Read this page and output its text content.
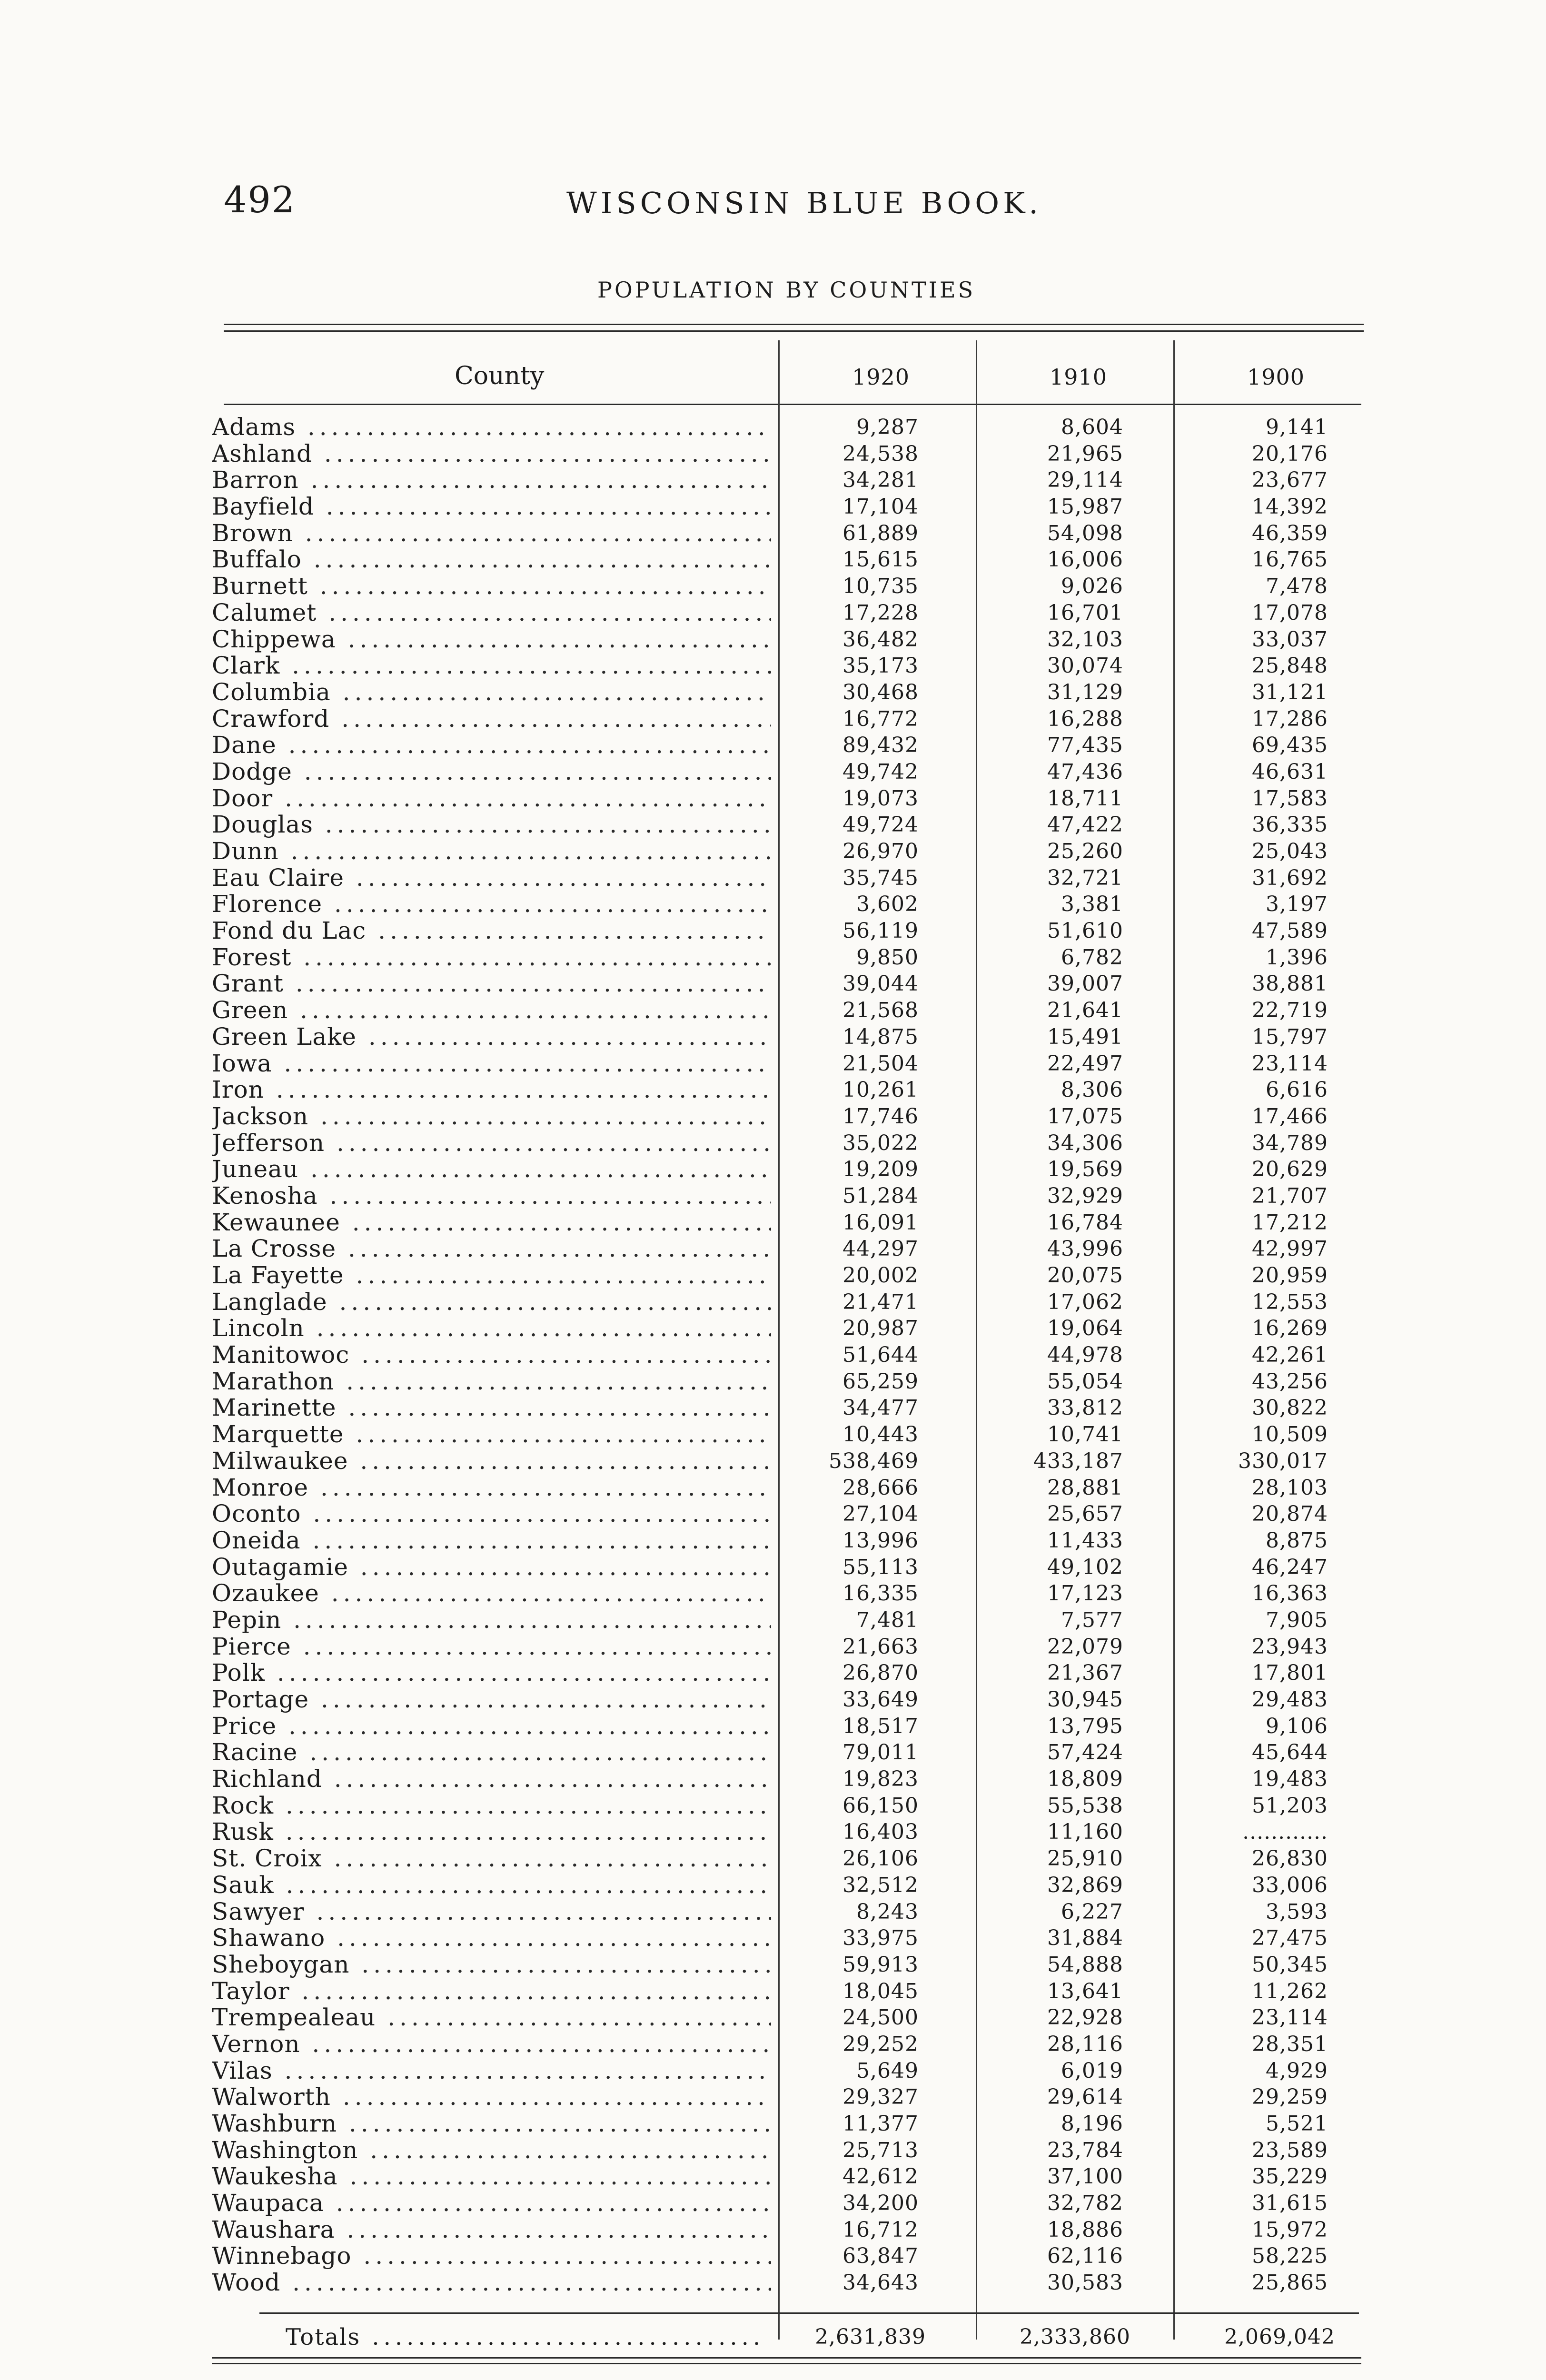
492	WISCONSIN BLUE BOOK.
POPULATION BY COUNTIES
County	1920	1910	1900
Adams .....	9,287	8,604	9,141
Ashland .....	24,538	21,965	20,176
Barron .....	34,281	29,114	23,677
Bayfield .....	17,104	15,987	14,392
Brown .....	61,889	54,098	46,359
Buffalo .....	15,615	16,006	16,765
Burnett .....	10,735	9,026	7,478
Calumet .....	17,228	16,701	17,078
Chippewa .....	36,482	32,103	33,037
Clark .....	35,173	30,074	25,848
Columbia .....	30,468	31,129	31,121
Crawford .....	16,772	16,288	17,286
Dane .....	89,432	77,435	69,435
Dodge .....	49,742	47,436	46,631
Door .....	19,073	18,711	17,583
Douglas .....	49,724	47,422	36,335
Dunn .....	26,970	25,260	25,043
Eau Claire .....	35,745	32,721	31,692
Florence .....	3,602	3,381	3,197
Fond du Lac .....	56,119	51,610	47,589
Forest .....	9,850	6,782	1,396
Grant .....	39,044	39,007	38,881
Green .....	21,568	21,641	22,719
Green Lake .....	14,875	15,491	15,797
Iowa .....	21,504	22,497	23,114
Iron .....	10,261	8,306	6,616
Jackson .....	17,746	17,075	17,466
Jefferson .....	35,022	34,306	34,789
Juneau .....	19,209	19,569	20,629
Kenosha .....	51,284	32,929	21,707
Kewaunee .....	16,091	16,784	17,212
La Crosse .....	44,297	43,996	42,997
La Fayette .....	20,002	20,075	20,959
Langlade .....	21,471	17,062	12,553
Lincoln .....	20,987	19,064	16,269
Manitowoc .....	51,644	44,978	42,261
Marathon .....	65,259	55,054	43,256
Marinette .....	34,477	33,812	30,822
Marquette .....	10,443	10,741	10,509
Milwaukee .....	538,469	433,187	330,017
Monroe .....	28,666	28,881	28,103
Oconto .....	27,104	25,657	20,874
Oneida .....	13,996	11,433	8,875
Outagamie .....	55,113	49,102	46,247
Ozaukee .....	16,335	17,123	16,363
Pepin .....	7,481	7,577	7,905
Pierce .....	21,663	22,079	23,943
Polk .....	26,870	21,367	17,801
Portage .....	33,649	30,945	29,483
Price .....	18,517	13,795	9,106
Racine .....	79,011	57,424	45,644
Richland .....	19,823	18,809	19,483
Rock .....	66,150	55,538	51,203
Rusk .....	16,403	11,160	............
St. Croix .....	26,106	25,910	26,830
Sauk .....	32,512	32,869	33,006
Sawyer .....	8,243	6,227	3,593
Shawano .....	33,975	31,884	27,475
Sheboygan .....	59,913	54,888	50,345
Taylor .....	18,045	13,641	11,262
Trempealeau .....	24,500	22,928	23,114
Vernon .....	29,252	28,116	28,351
Vilas .....	5,649	6,019	4,929
Walworth .....	29,327	29,614	29,259
Washburn .....	11,377	8,196	5,521
Washington .....	25,713	23,784	23,589
Waukesha .....	42,612	37,100	35,229
Waupaca .....	34,200	32,782	31,615
Waushara .....	16,712	18,886	15,972
Winnebago .....	63,847	62,116	58,225
Wood .....	34,643	30,583	25,865
Totals .....	2,631,839	2,333,860	2,069,042
